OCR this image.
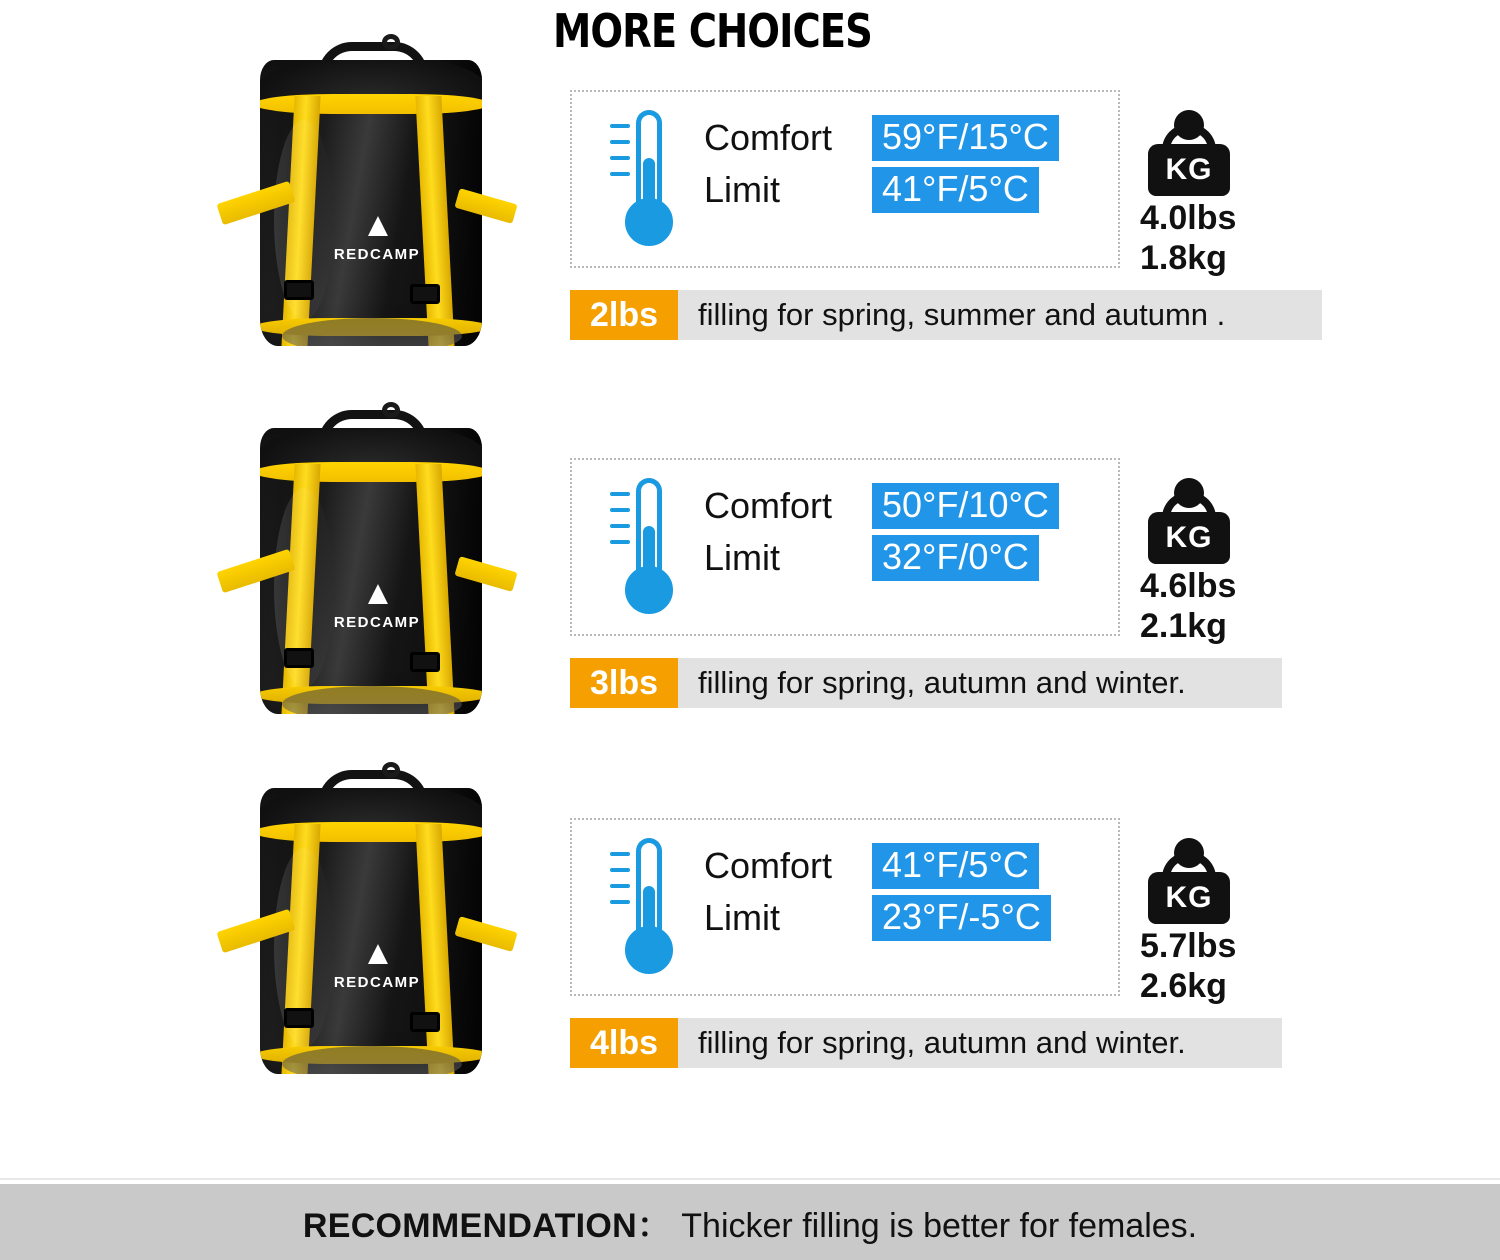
MORE CHOICES
▲
REDCAMP
Comfort	59°F/15°C
Limit	41°F/5°C	KG
4.0lbs
1.8kg
2lbs	filling for spring, summer and autumn .
▲
REDCAMP
Comfort	50°F/10°C
Limit	32°F/0°C	KG
4.6lbs
2.1kg
3lbs	filling for spring, autumn and winter.
▲
REDCAMP
Comfort	41°F/5°C
Limit	23°F/-5°C	KG
5.7lbs
2.6kg
4lbs	filling for spring, autumn and winter.
RECOMMENDATION： Thicker filling is better for females.
